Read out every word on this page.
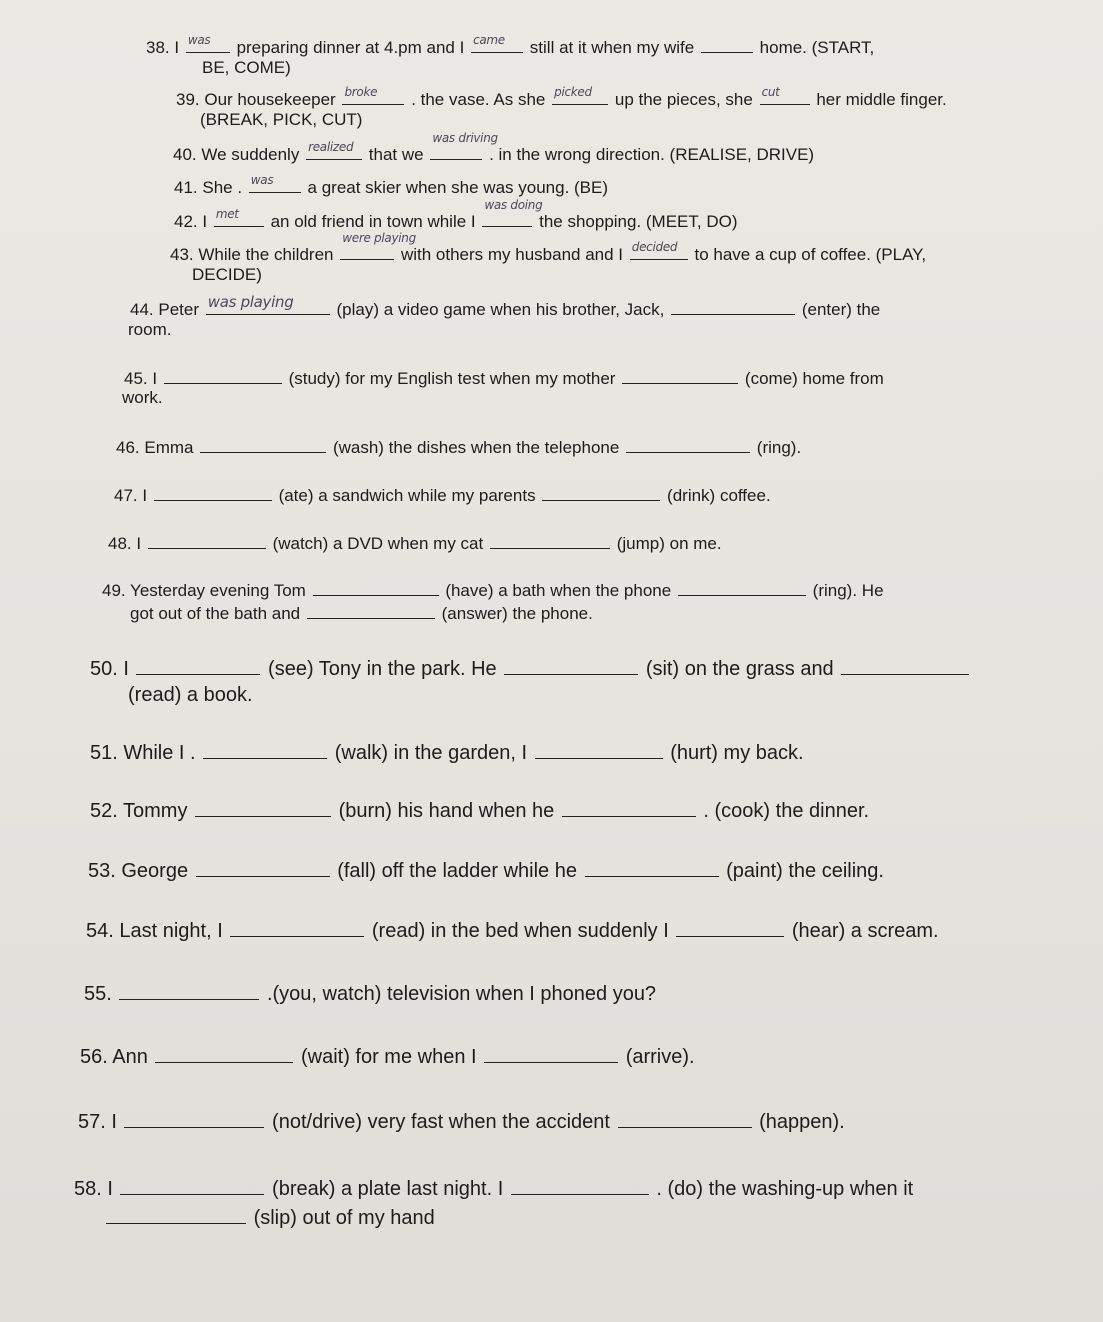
38. I was preparing dinner at 4.pm and I came still at it when my wife	home. (START,
BE, COME)
39. Our housekeeper broke . the vase. As she picked up the pieces, she cut her middle finger.
(BREAK, PICK, CUT)
40. We suddenly realized that we
was driving
. in the wrong direction. (REALISE, DRIVE)
41. She . was a great skier when she was young. (BE)
42. I met an old friend in town while I
was doing
the shopping. (MEET, DO)
43. While the children
were playing
with others my husband and I decided to have a cup of coffee. (PLAY,
DECIDE)
44. Peter was playing	(play) a video game when his brother, Jack,	(enter) the
room.
45. I	(study) for my English test when my mother	(come) home from
work.
46. Emma	(wash) the dishes when the telephone	(ring).
47. I	(ate) a sandwich while my parents	(drink) coffee.
48. I	(watch) a DVD when my cat	(jump) on me.
49. Yesterday evening Tom	(have) a bath when the phone	(ring). He
got out of the bath and	(answer) the phone.
50. I	(see) Tony in the park. He	(sit) on the grass and
(read) a book.
51. While I .	(walk) in the garden, I	(hurt) my back.
52. Tommy	(burn) his hand when he	. (cook) the dinner.
53. George	(fall) off the ladder while he	(paint) the ceiling.
54. Last night, I	(read) in the bed when suddenly I	(hear) a scream.
55.	.(you, watch) television when I phoned you?
56. Ann	(wait) for me when I	(arrive).
57. I	(not/drive) very fast when the accident	(happen).
58. I	(break) a plate last night. I	. (do) the washing-up when it
(slip) out of my hand
